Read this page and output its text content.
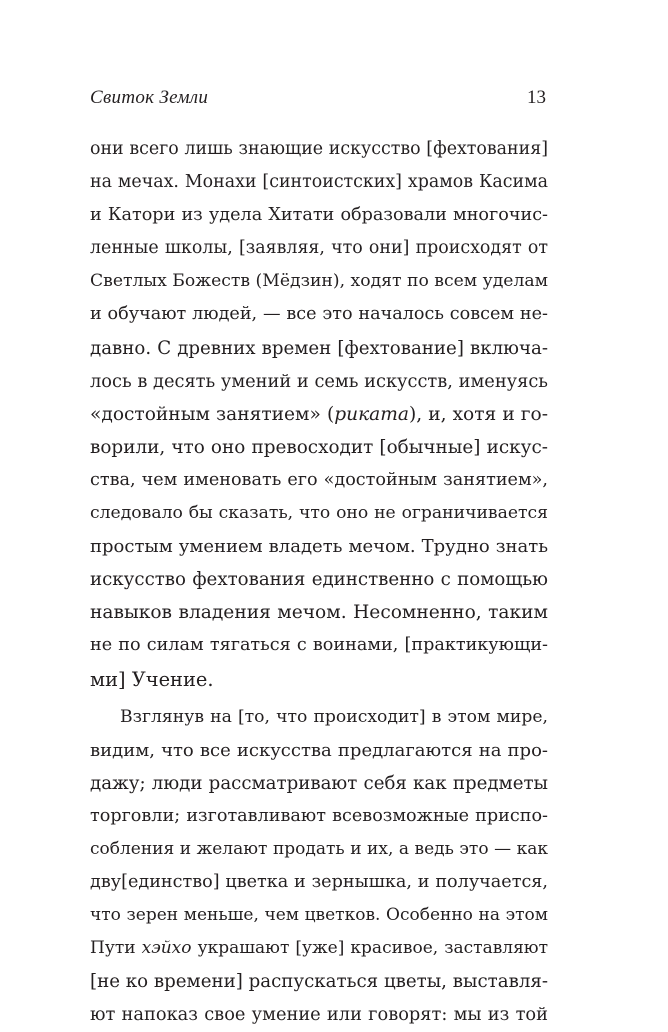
Свиток Земли	13
они всего лишь знающие искусство [фехтования]
на мечах. Монахи [синтоистских] храмов Касима
и Катори из удела Хитати образовали многочис-
ленные школы, [заявляя, что они] происходят от
Светлых Божеств (Мёдзин), ходят по всем уделам
и обучают людей, — все это началось совсем не-
давно. С древних времен [фехтование] включа-
лось в десять умений и семь искусств, именуясь
«достойным занятием» (риката), и, хотя и го-
ворили, что оно превосходит [обычные] искус-
ства, чем именовать его «достойным занятием»,
следовало бы сказать, что оно не ограничивается
простым умением владеть мечом. Трудно знать
искусство фехтования единственно с помощью
навыков владения мечом. Несомненно, таким
не по силам тягаться с воинами, [практикующи-
ми] Учение.
Взглянув на [то, что происходит] в этом мире,
видим, что все искусства предлагаются на про-
дажу; люди рассматривают себя как предметы
торговли; изготавливают всевозможные приспо-
собления и желают продать и их, а ведь это — как
дву[единство] цветка и зернышка, и получается,
что зерен меньше, чем цветков. Особенно на этом
Пути хэйхо украшают [уже] красивое, заставляют
[не ко времени] распускаться цветы, выставля-
ют напоказ свое умение или говорят: мы из той
